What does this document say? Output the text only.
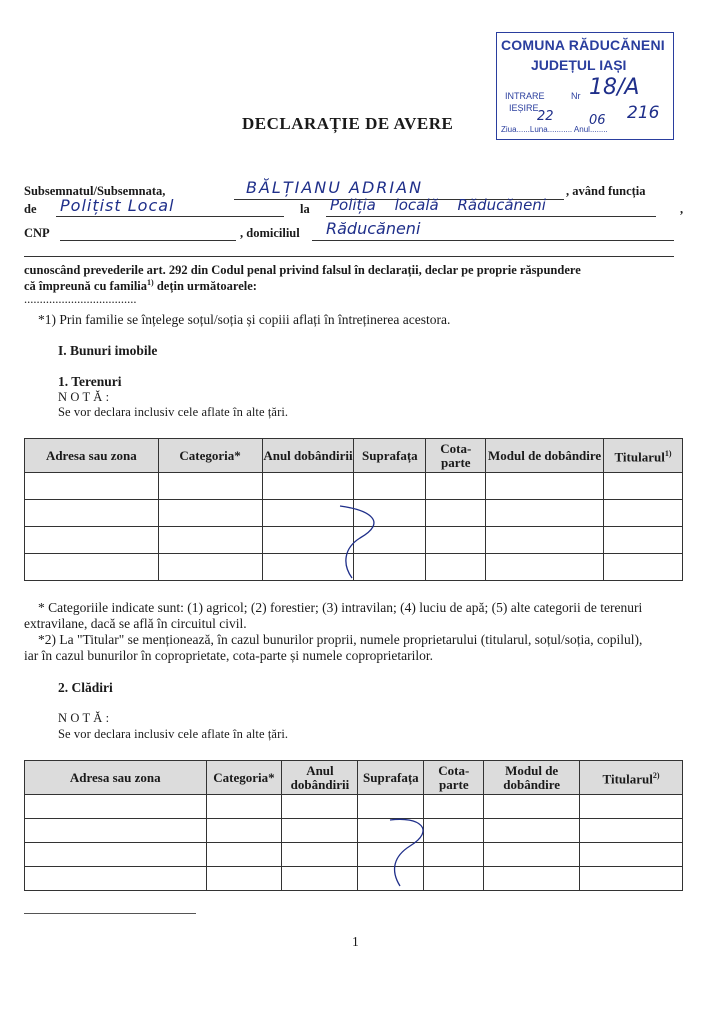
COMUNA RĂDUCĂNENI
JUDEȚUL IAȘI
INTRARE	Nr
IEȘIRE
Ziua......Luna........... Anul........
18/A
22	06 216
DECLARAȚIE DE AVERE
Subsemnatul/Subsemnata,	BĂLȚIANU ADRIAN	, având funcția
de Polițist Local	la Poliția locală Răducăneni	,
CNP	, domiciliul Răducăneni
cunoscând prevederile art. 292 din Codul penal privind falsul în declarații, declar pe proprie răspundere
că împreună cu familia$^{1)}$ dețin următoarele:
....................................
*1) Prin familie se înțelege soțul/soția și copiii aflați în întreținerea acestora.
I. Bunuri imobile
1. Terenuri
N O T Ă :
Se vor declara inclusiv cele aflate în alte țări.
Adresa sau zona	Categoria*	Anul dobândirii	Suprafața	Cota-parte	Modul de dobândire	Titularul$^{1)}$

* Categoriile indicate sunt: (1) agricol; (2) forestier; (3) intravilan; (4) luciu de apă; (5) alte categorii de terenuri
extravilane, dacă se află în circuitul civil.
*2) La "Titular" se menționează, în cazul bunurilor proprii, numele proprietarului (titularul, soțul/soția, copilul),
iar în cazul bunurilor în coproprietate, cota-parte și numele coproprietarilor.
2. Clădiri
N O T Ă :
Se vor declara inclusiv cele aflate în alte țări.
Adresa sau zona	Categoria*	Anul dobândirii	Suprafața	Cota-parte	Modul de dobândire	Titularul$^{2)}$

1
